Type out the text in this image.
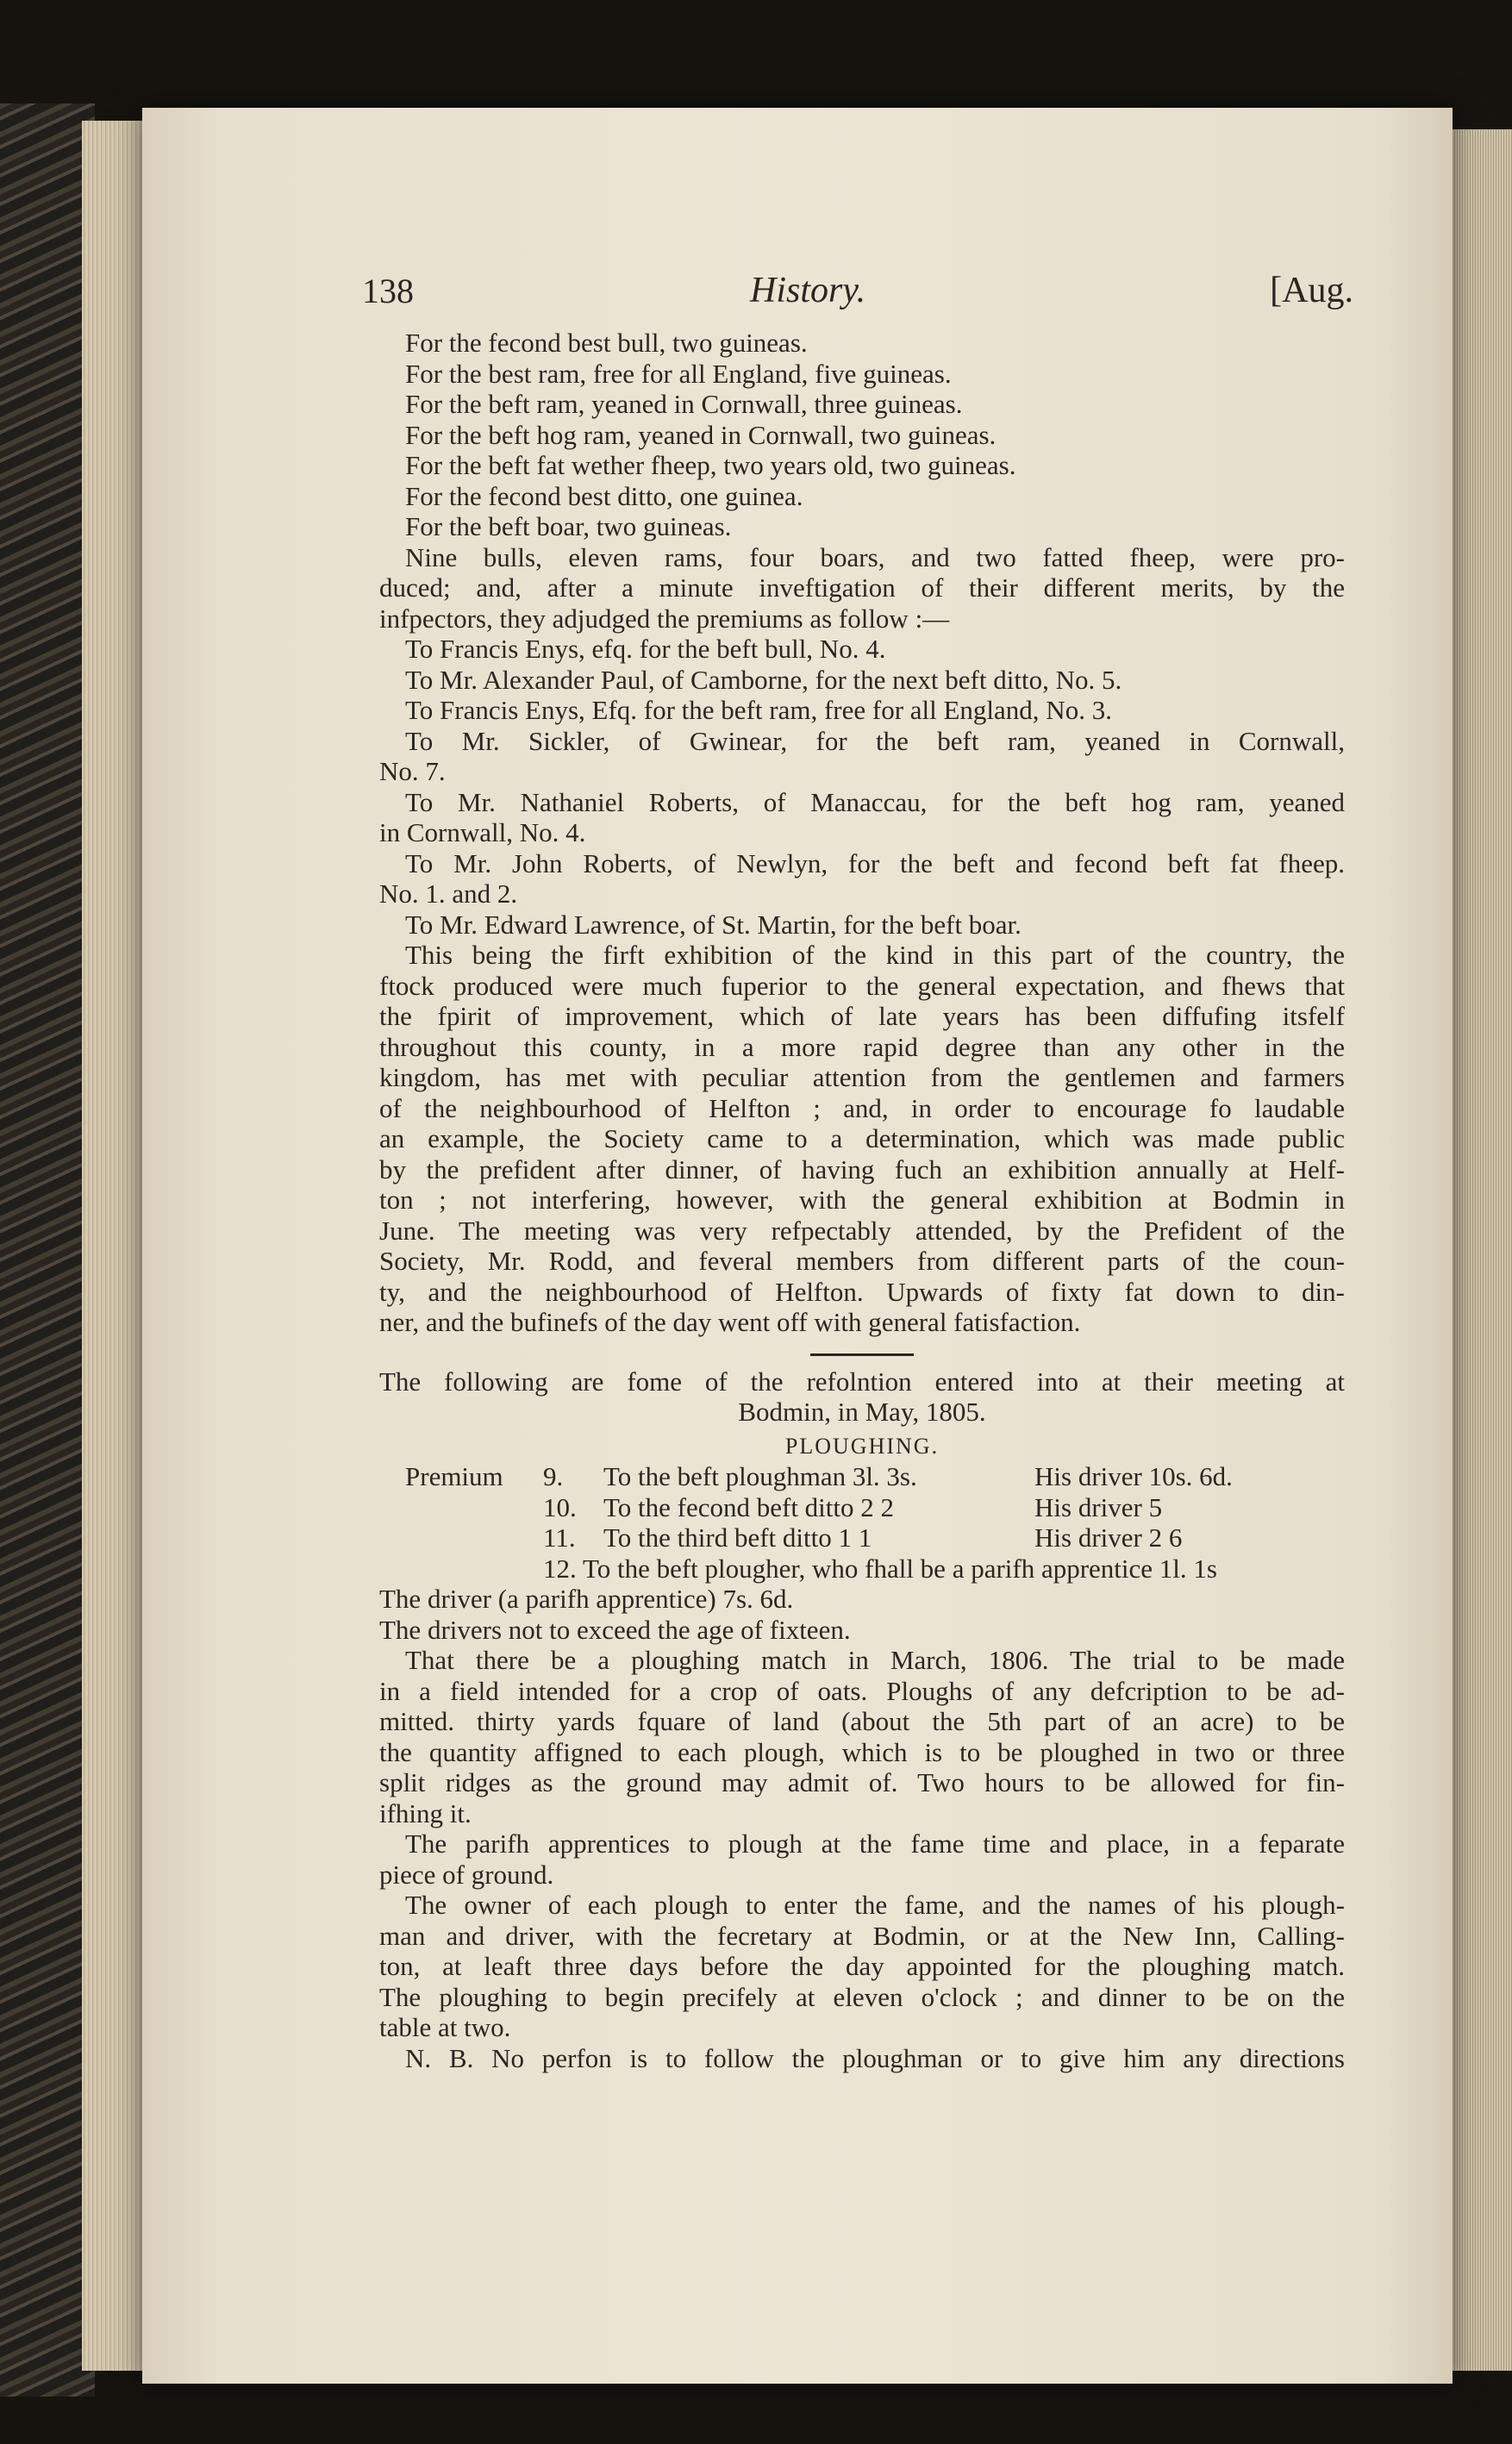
138	History.	[Aug.
For the fecond best bull, two guineas.
For the best ram, free for all England, five guineas.
For the beft ram, yeaned in Cornwall, three guineas.
For the beft hog ram, yeaned in Cornwall, two guineas.
For the beft fat wether fheep, two years old, two guineas.
For the fecond best ditto, one guinea.
For the beft boar, two guineas.
Nine bulls, eleven rams, four boars, and two fatted fheep, were pro-
duced; and, after a minute inveftigation of their different merits, by the
infpectors, they adjudged the premiums as follow :—
To Francis Enys, efq. for the beft bull, No. 4.
To Mr. Alexander Paul, of Camborne, for the next beft ditto, No. 5.
To Francis Enys, Efq. for the beft ram, free for all England, No. 3.
To Mr. Sickler, of Gwinear, for the beft ram, yeaned in Cornwall,
No. 7.
To Mr. Nathaniel Roberts, of Manaccau, for the beft hog ram, yeaned
in Cornwall, No. 4.
To Mr. John Roberts, of Newlyn, for the beft and fecond beft fat fheep.
No. 1. and 2.
To Mr. Edward Lawrence, of St. Martin, for the beft boar.
This being the firft exhibition of the kind in this part of the country, the
ftock produced were much fuperior to the general expectation, and fhews that
the fpirit of improvement, which of late years has been diffufing itsfelf
throughout this county, in a more rapid degree than any other in the
kingdom, has met with peculiar attention from the gentlemen and farmers
of the neighbourhood of Helfton ; and, in order to encourage fo laudable
an example, the Society came to a determination, which was made public
by the prefident after dinner, of having fuch an exhibition annually at Helf-
ton ; not interfering, however, with the general exhibition at Bodmin in
June. The meeting was very refpectably attended, by the Prefident of the
Society, Mr. Rodd, and feveral members from different parts of the coun-
ty, and the neighbourhood of Helfton. Upwards of fixty fat down to din-
ner, and the bufinefs of the day went off with general fatisfaction.
The following are fome of the refolntion entered into at their meeting at
Bodmin, in May, 1805.
PLOUGHING.
Premium	9.	To the beft ploughman 3l. 3s.	His driver 10s. 6d.
	10.	To the fecond beft ditto 2 2	His driver 5
	11.	To the third beft ditto 1 1	His driver 2 6
12. To the beft plougher, who fhall be a parifh apprentice 1l. 1s
The driver (a parifh apprentice) 7s. 6d.
The drivers not to exceed the age of fixteen.
That there be a ploughing match in March, 1806. The trial to be made
in a field intended for a crop of oats. Ploughs of any defcription to be ad-
mitted. thirty yards fquare of land (about the 5th part of an acre) to be
the quantity affigned to each plough, which is to be ploughed in two or three
split ridges as the ground may admit of. Two hours to be allowed for fin-
ifhing it.
The parifh apprentices to plough at the fame time and place, in a feparate
piece of ground.
The owner of each plough to enter the fame, and the names of his plough-
man and driver, with the fecretary at Bodmin, or at the New Inn, Calling-
ton, at leaft three days before the day appointed for the ploughing match.
The ploughing to begin precifely at eleven o'clock ; and dinner to be on the
table at two.
N. B. No perfon is to follow the ploughman or to give him any directions
